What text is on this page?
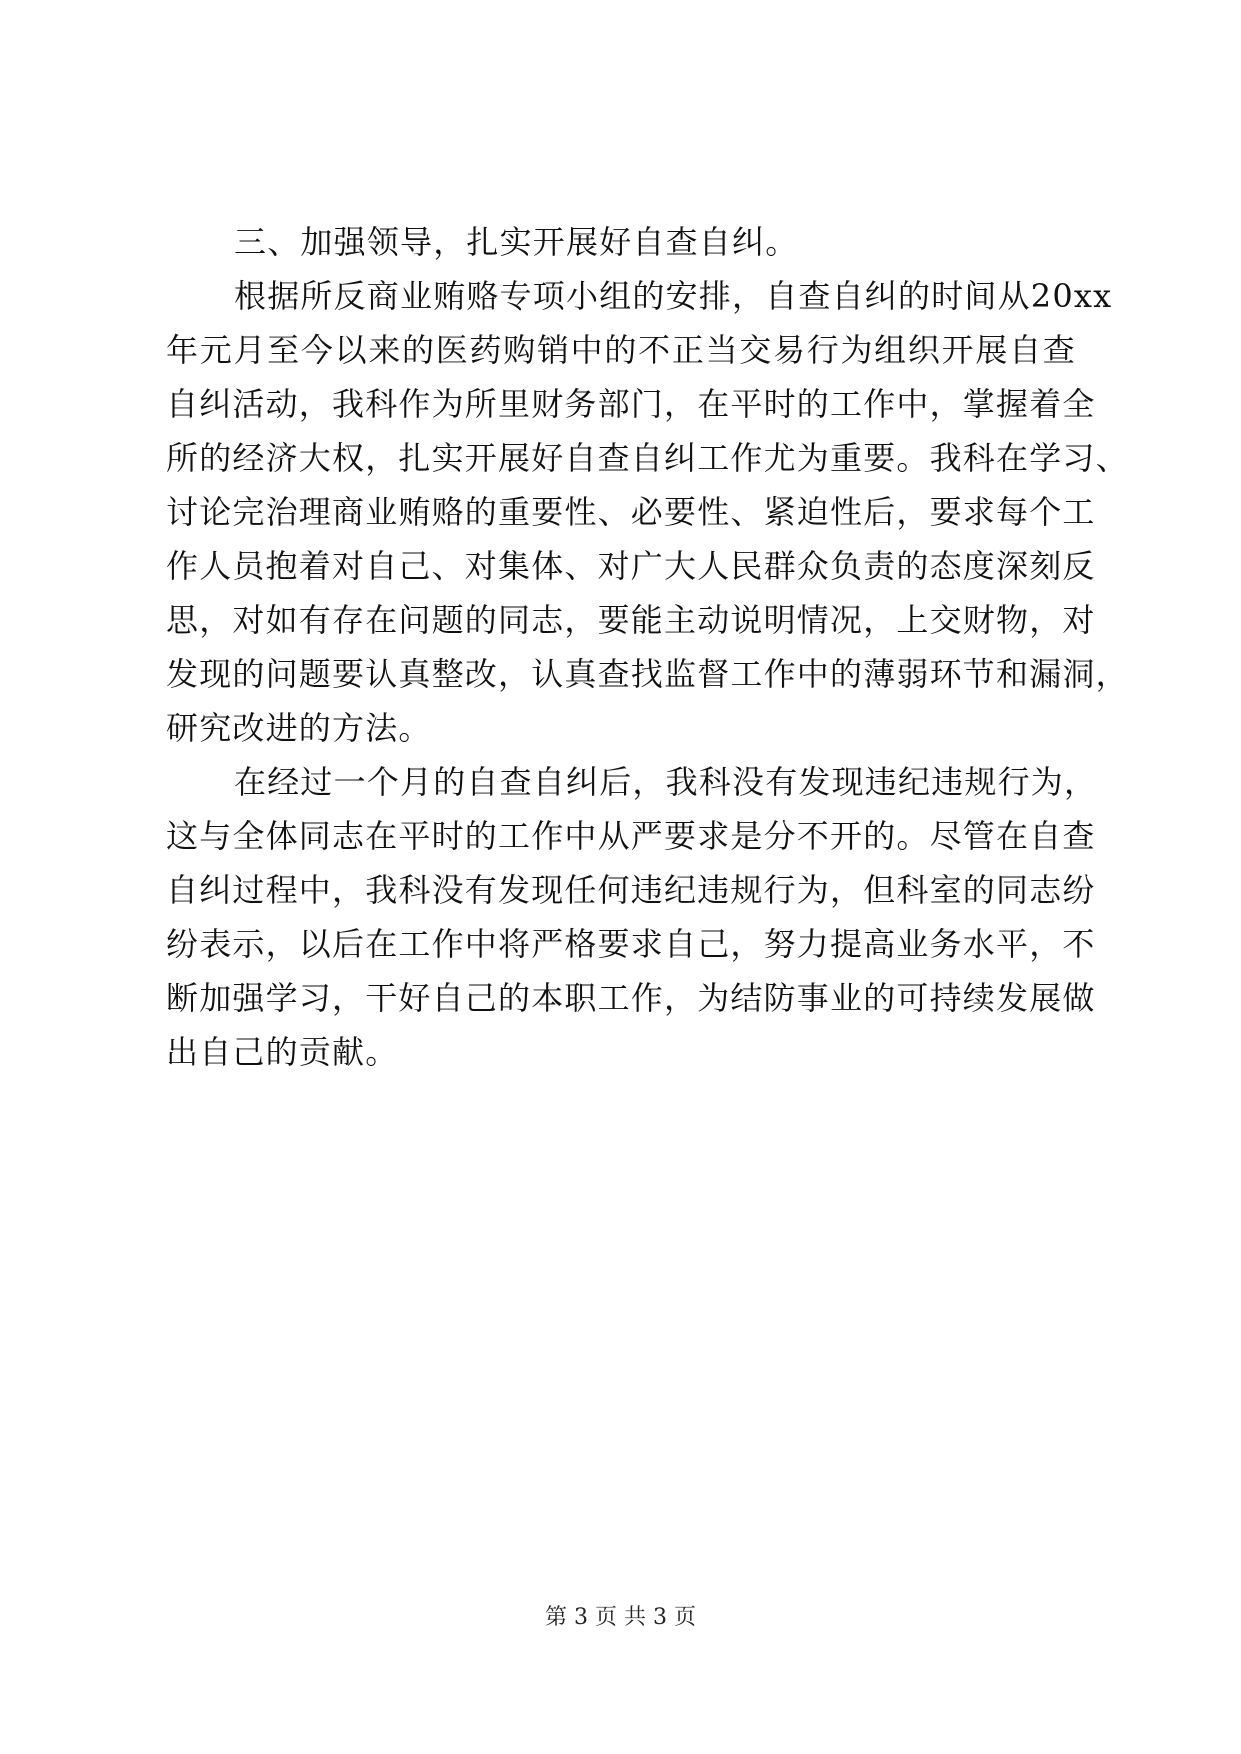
三、加强领导，扎实开展好自查自纠。
根据所反商业贿赂专项小组的安排，自查自纠的时间从20xx
年元月至今以来的医药购销中的不正当交易行为组织开展自查
自纠活动，我科作为所里财务部门，在平时的工作中，掌握着全
所的经济大权，扎实开展好自查自纠工作尤为重要。我科在学习、
讨论完治理商业贿赂的重要性、必要性、紧迫性后，要求每个工
作人员抱着对自己、对集体、对广大人民群众负责的态度深刻反
思，对如有存在问题的同志，要能主动说明情况，上交财物，对
发现的问题要认真整改，认真查找监督工作中的薄弱环节和漏洞，
研究改进的方法。
在经过一个月的自查自纠后，我科没有发现违纪违规行为，
这与全体同志在平时的工作中从严要求是分不开的。尽管在自查
自纠过程中，我科没有发现任何违纪违规行为，但科室的同志纷
纷表示，以后在工作中将严格要求自己，努力提高业务水平，不
断加强学习，干好自己的本职工作，为结防事业的可持续发展做
出自己的贡献。
第 3 页 共 3 页
